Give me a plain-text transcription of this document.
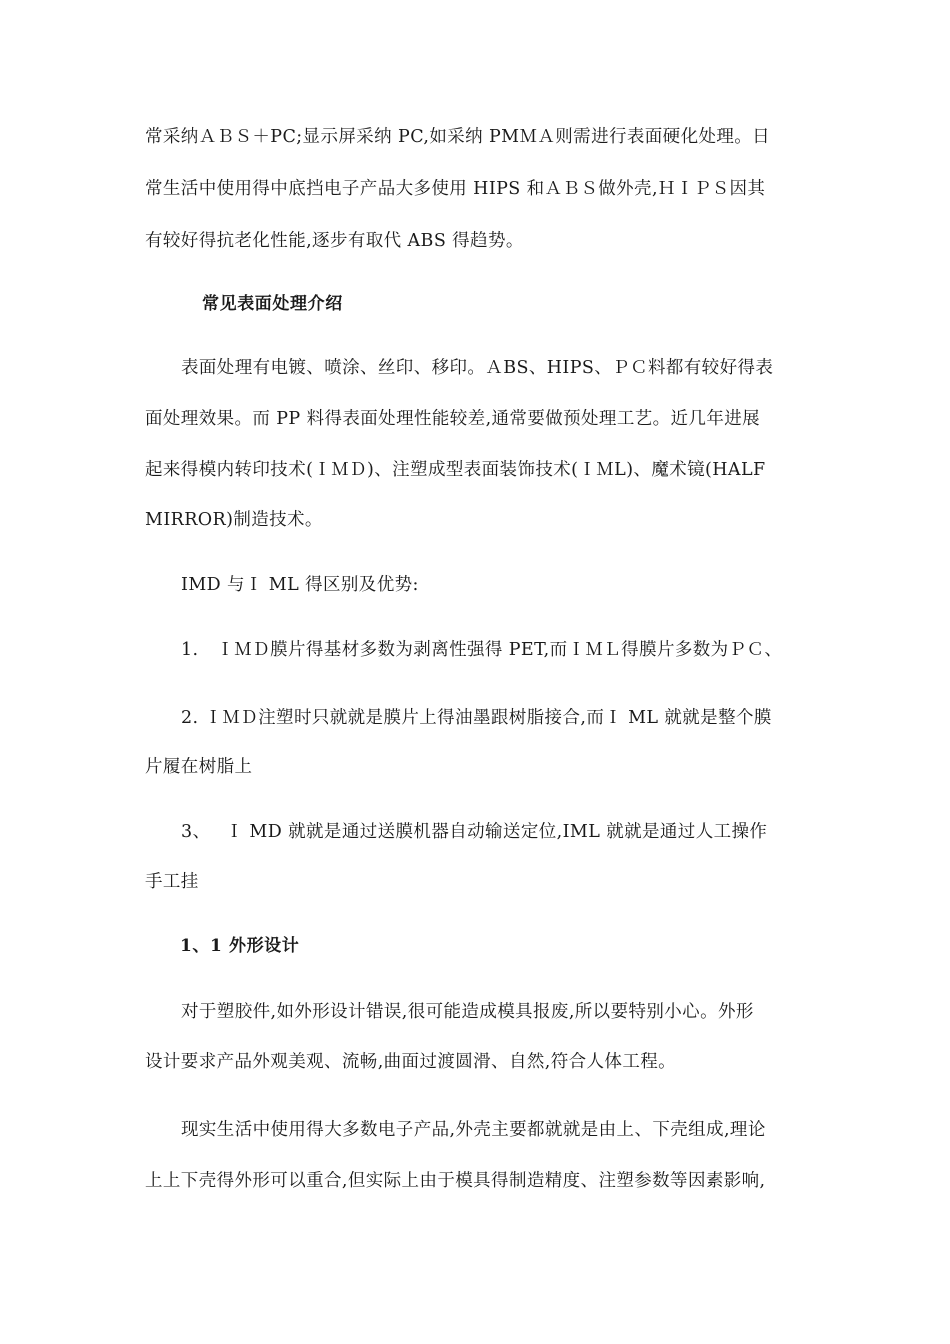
常采纳ＡＢＳ＋PC;显示屏采纳 PC,如采纳 PMＭＡ则需进行表面硬化处理。日
常生活中使用得中底挡电子产品大多使用 HIPS 和ＡＢＳ做外壳,ＨＩＰＳ因其
有较好得抗老化性能,逐步有取代 ABS 得趋势。
常见表面处理介绍
表面处理有电镀、喷涂、丝印、移印。ＡBS、HIPS、ＰＣ料都有较好得表
面处理效果。而 PP 料得表面处理性能较差,通常要做预处理工艺。近几年进展
起来得模内转印技术(ＩＭＤ)、注塑成型表面装饰技术(ＩＭL)、魔术镜(HALF
MIRROR)制造技术。
IMD 与Ｉ ML 得区别及优势:
1.　ＩＭＤ膜片得基材多数为剥离性强得 PET,而ＩＭＬ得膜片多数为ＰＣ、
2. ＩＭＤ注塑时只就就是膜片上得油墨跟树脂接合,而Ｉ ML 就就是整个膜
片履在树脂上
3、　 Ｉ MD 就就是通过送膜机器自动输送定位,IML 就就是通过人工操作
手工挂
1、1 外形设计
对于塑胶件,如外形设计错误,很可能造成模具报废,所以要特别小心。外形
设计要求产品外观美观、流畅,曲面过渡圆滑、自然,符合人体工程。
现实生活中使用得大多数电子产品,外壳主要都就就是由上、下壳组成,理论
上上下壳得外形可以重合,但实际上由于模具得制造精度、注塑参数等因素影响,
